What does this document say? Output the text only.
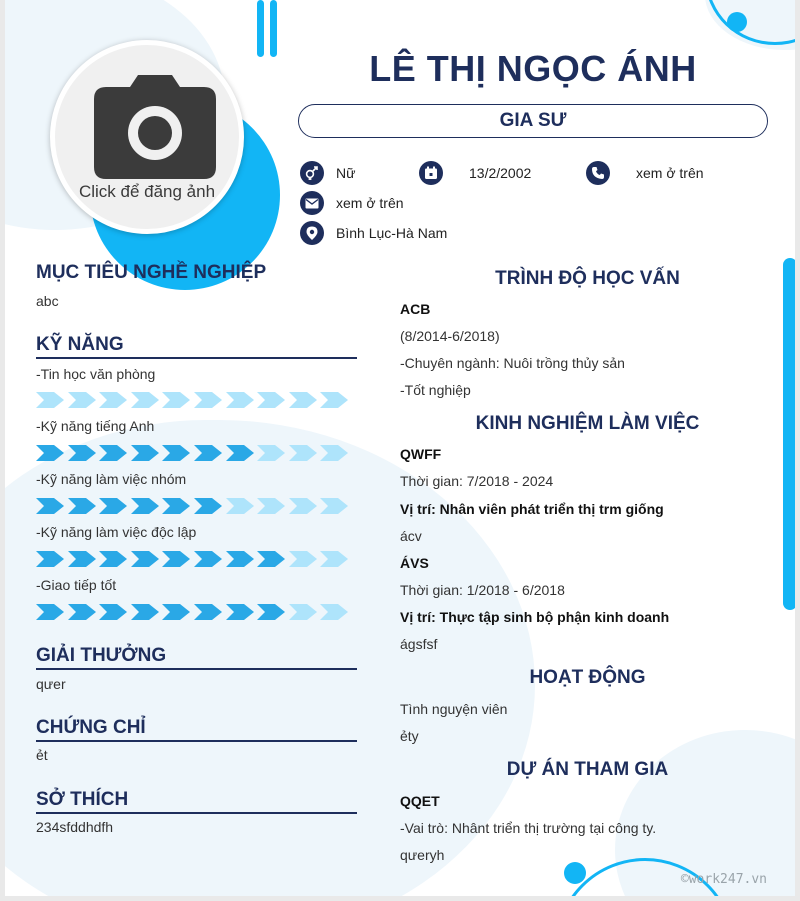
Click để đăng ảnh
LÊ THỊ NGỌC ÁNH
GIA SƯ
Nữ	13/2/2002	xem ở trên
xem ở trên
Bình Lục-Hà Nam
MỤC TIÊU NGHỀ NGHIỆP
abc
KỸ NĂNG
-Tin học văn phòng
-Kỹ năng tiếng Anh
-Kỹ năng làm việc nhóm
-Kỹ năng làm việc độc lập
-Giao tiếp tốt
GIẢI THƯỞNG
qưer
CHỨNG CHỈ
ẻt
SỞ THÍCH
234sfddhdfh
TRÌNH ĐỘ HỌC VẤN
ACB
(8/2014-6/2018)
-Chuyên ngành: Nuôi trồng thủy sản
-Tốt nghiệp
KINH NGHIỆM LÀM VIỆC
QWFF
Thời gian: 7/2018 - 2024
Vị trí: Nhân viên phát triển thị trm giống
ácv
ÁVS
Thời gian: 1/2018 - 6/2018
Vị trí: Thực tập sinh bộ phận kinh doanh
ágsfsf
HOẠT ĐỘNG
Tình nguyện viên
ẻty
DỰ ÁN THAM GIA
QQET
-Vai trò: Nhânt triển thị trường tại công ty.
qưeryh
©work247.vn
